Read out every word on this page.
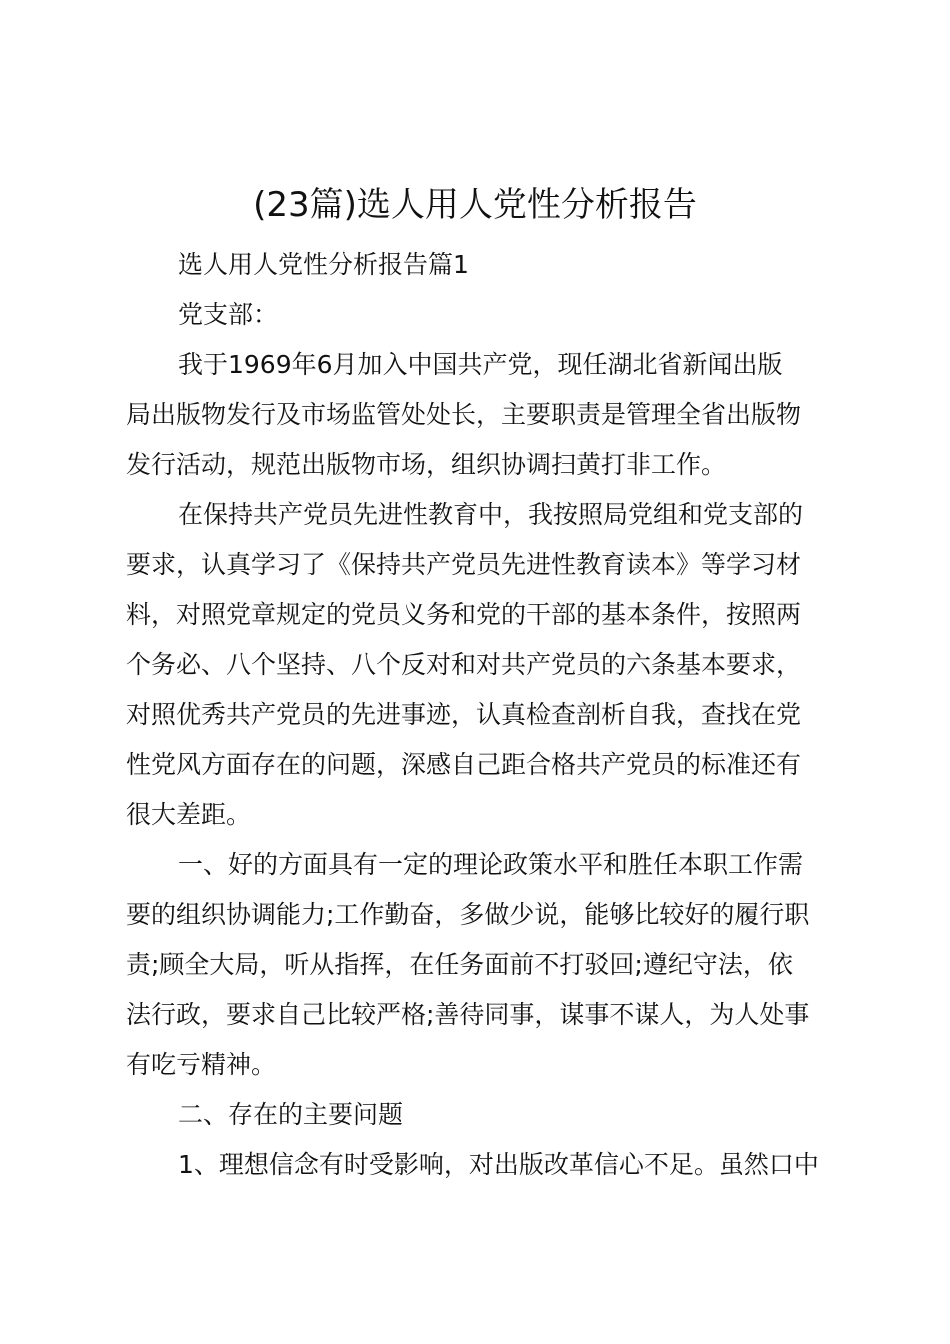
(23篇)选人用人党性分析报告
选人用人党性分析报告篇1
党支部：
我于1969年6月加入中国共产党，现任湖北省新闻出版
局出版物发行及市场监管处处长，主要职责是管理全省出版物
发行活动，规范出版物市场，组织协调扫黄打非工作。
在保持共产党员先进性教育中，我按照局党组和党支部的
要求，认真学习了《保持共产党员先进性教育读本》等学习材
料，对照党章规定的党员义务和党的干部的基本条件，按照两
个务必、八个坚持、八个反对和对共产党员的六条基本要求，
对照优秀共产党员的先进事迹，认真检查剖析自我，查找在党
性党风方面存在的问题，深感自己距合格共产党员的标准还有
很大差距。
一、好的方面具有一定的理论政策水平和胜任本职工作需
要的组织协调能力;工作勤奋，多做少说，能够比较好的履行职
责;顾全大局，听从指挥，在任务面前不打驳回;遵纪守法，依
法行政，要求自己比较严格;善待同事，谋事不谋人，为人处事
有吃亏精神。
二、存在的主要问题
1、理想信念有时受影响，对出版改革信心不足。虽然口中
